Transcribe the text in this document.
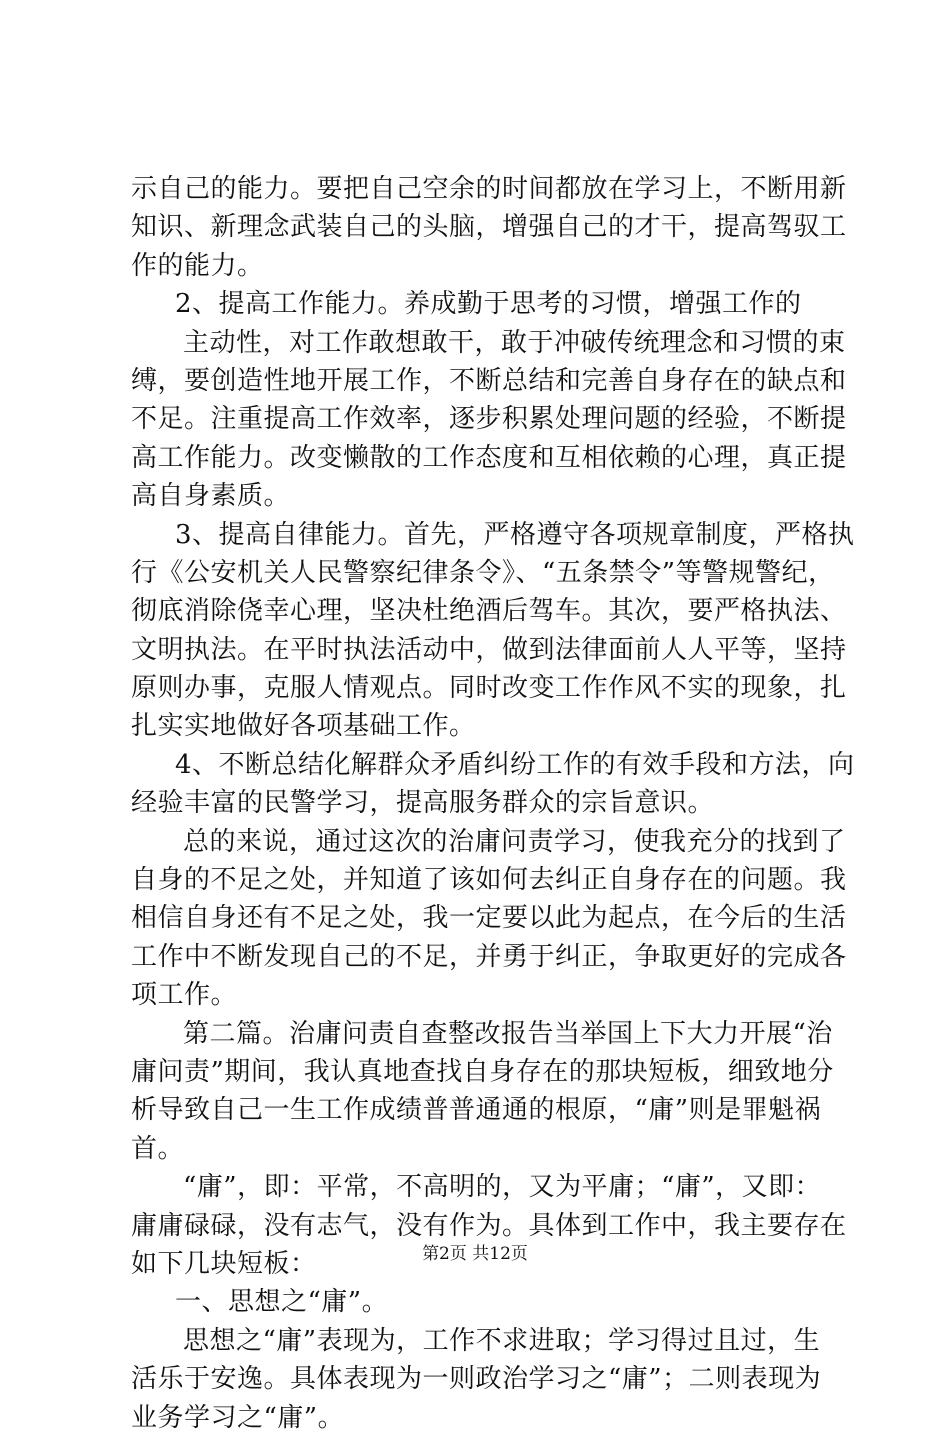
示自己的能力。要把自己空余的时间都放在学习上，不断用新
知识、新理念武装自己的头脑，增强自己的才干，提高驾驭工
作的能力。
2、提高工作能力。养成勤于思考的习惯，增强工作的
主动性，对工作敢想敢干，敢于冲破传统理念和习惯的束
缚，要创造性地开展工作，不断总结和完善自身存在的缺点和
不足。注重提高工作效率，逐步积累处理问题的经验，不断提
高工作能力。改变懒散的工作态度和互相依赖的心理，真正提
高自身素质。
3、提高自律能力。首先，严格遵守各项规章制度，严格执
行《公安机关人民警察纪律条令》、“五条禁令”等警规警纪，
彻底消除侥幸心理，坚决杜绝酒后驾车。其次，要严格执法、
文明执法。在平时执法活动中，做到法律面前人人平等，坚持
原则办事，克服人情观点。同时改变工作作风不实的现象，扎
扎实实地做好各项基础工作。
4、不断总结化解群众矛盾纠纷工作的有效手段和方法，向
经验丰富的民警学习，提高服务群众的宗旨意识。
总的来说，通过这次的治庸问责学习，使我充分的找到了
自身的不足之处，并知道了该如何去纠正自身存在的问题。我
相信自身还有不足之处，我一定要以此为起点，在今后的生活
工作中不断发现自己的不足，并勇于纠正，争取更好的完成各
项工作。
第二篇。治庸问责自查整改报告当举国上下大力开展“治
庸问责”期间，我认真地查找自身存在的那块短板，细致地分
析导致自己一生工作成绩普普通通的根原，“庸”则是罪魁祸
首。
“庸”，即：平常，不高明的，又为平庸；“庸”，又即：
庸庸碌碌，没有志气，没有作为。具体到工作中，我主要存在
如下几块短板：
一、思想之“庸”。
思想之“庸”表现为，工作不求进取；学习得过且过，生
活乐于安逸。具体表现为一则政治学习之“庸”；二则表现为
业务学习之“庸”。
第2页 共12页
